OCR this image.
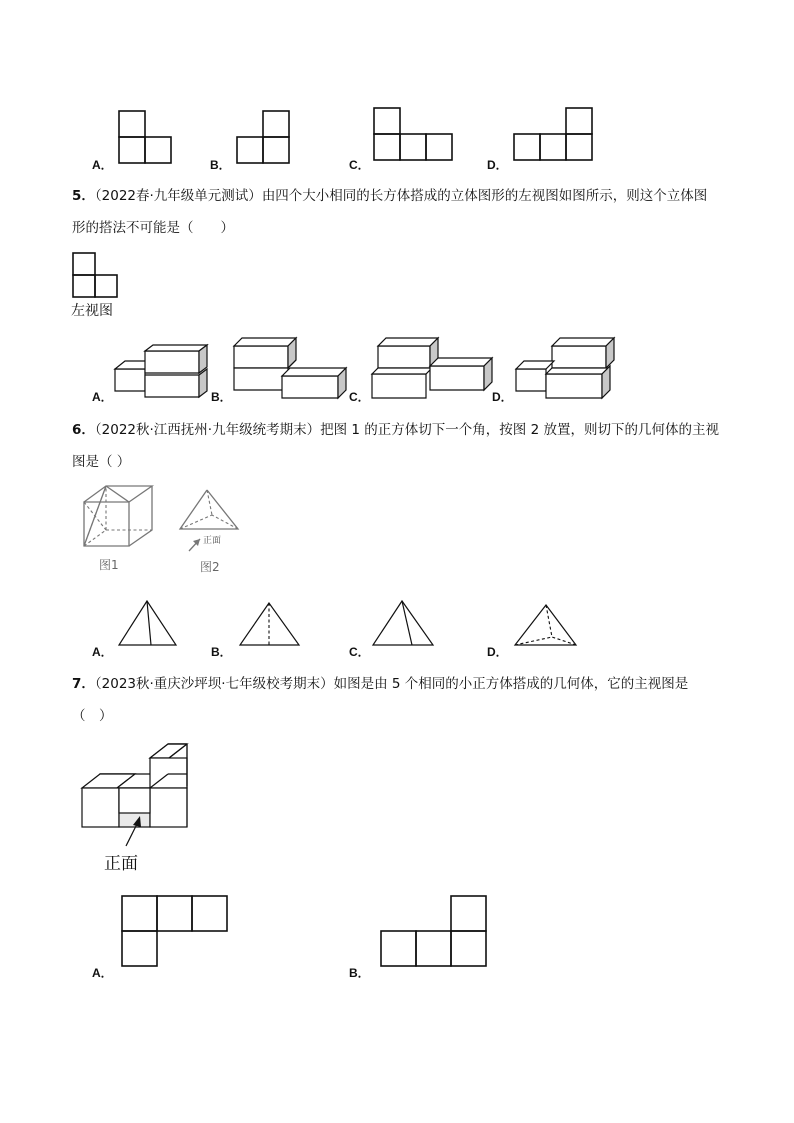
A．	B．	C．	D．
5．（2022春·九年级单元测试）由四个大小相同的长方体搭成的立体图形的左视图如图所示，则这个立体图
形的搭法不可能是（　　）
左视图
A．	B．	C．	D．
6．（2022秋·江西抚州·九年级统考期末）把图 1 的正方体切下一个角，按图 2 放置，则切下的几何体的主视
图是（ ）
图1
正面
图2
A．	B．	C．	D．
7．（2023秋·重庆沙坪坝·七年级校考期末）如图是由 5 个相同的小正方体搭成的几何体，它的主视图是
（　）
正面
A．	B．
